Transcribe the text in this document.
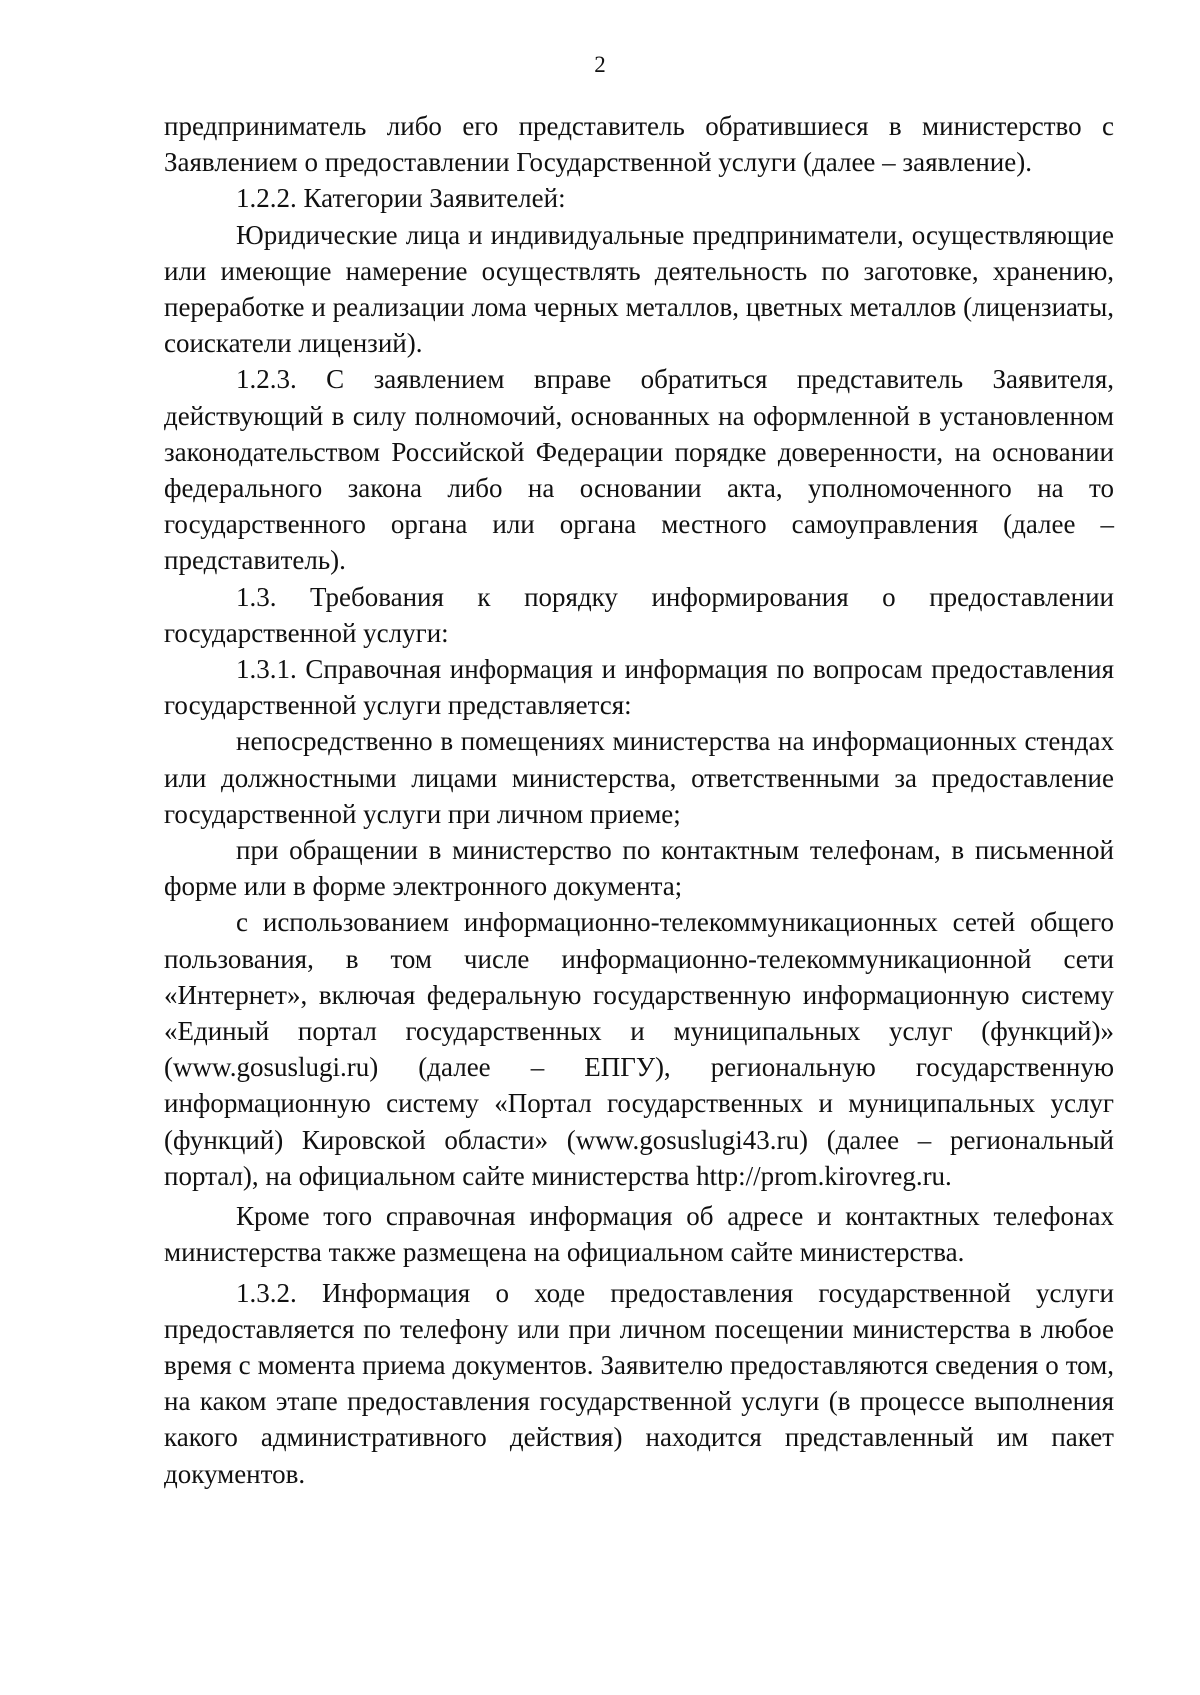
2

предприниматель либо его представитель обратившиеся в министерство с Заявлением о предоставлении Государственной услуги (далее – заявление).

1.2.2. Категории Заявителей:

Юридические лица и индивидуальные предприниматели, осуществляющие или имеющие намерение осуществлять деятельность по заготовке, хранению, переработке и реализации лома черных металлов, цветных металлов (лицензиаты, соискатели лицензий).

1.2.3. С заявлением вправе обратиться представитель Заявителя, действующий в силу полномочий, основанных на оформленной в установленном законодательством Российской Федерации порядке доверенности, на основании федерального закона либо на основании акта, уполномоченного на то государственного органа или органа местного самоуправления (далее – представитель).

1.3. Требования к порядку информирования о предоставлении государственной услуги:

1.3.1. Справочная информация и информация по вопросам предоставления государственной услуги представляется:

непосредственно в помещениях министерства на информационных стендах или должностными лицами министерства, ответственными за предоставление государственной услуги при личном приеме;

при обращении в министерство по контактным телефонам, в письменной форме или в форме электронного документа;

с использованием информационно-телекоммуникационных сетей общего пользования, в том числе информационно-телекоммуникационной сети «Интернет», включая федеральную государственную информационную систему «Единый портал государственных и муниципальных услуг (функций)» (www.gosuslugi.ru) (далее – ЕПГУ), региональную государственную информационную систему «Портал государственных и муниципальных услуг (функций) Кировской области» (www.gosuslugi43.ru) (далее – региональный портал), на официальном сайте министерства http://prom.kirovreg.ru.

Кроме того справочная информация об адресе и контактных телефонах министерства также размещена на официальном сайте министерства.

1.3.2. Информация о ходе предоставления государственной услуги предоставляется по телефону или при личном посещении министерства в любое время с момента приема документов. Заявителю предоставляются сведения о том, на каком этапе предоставления государственной услуги (в процессе выполнения какого административного действия) находится представленный им пакет документов.
